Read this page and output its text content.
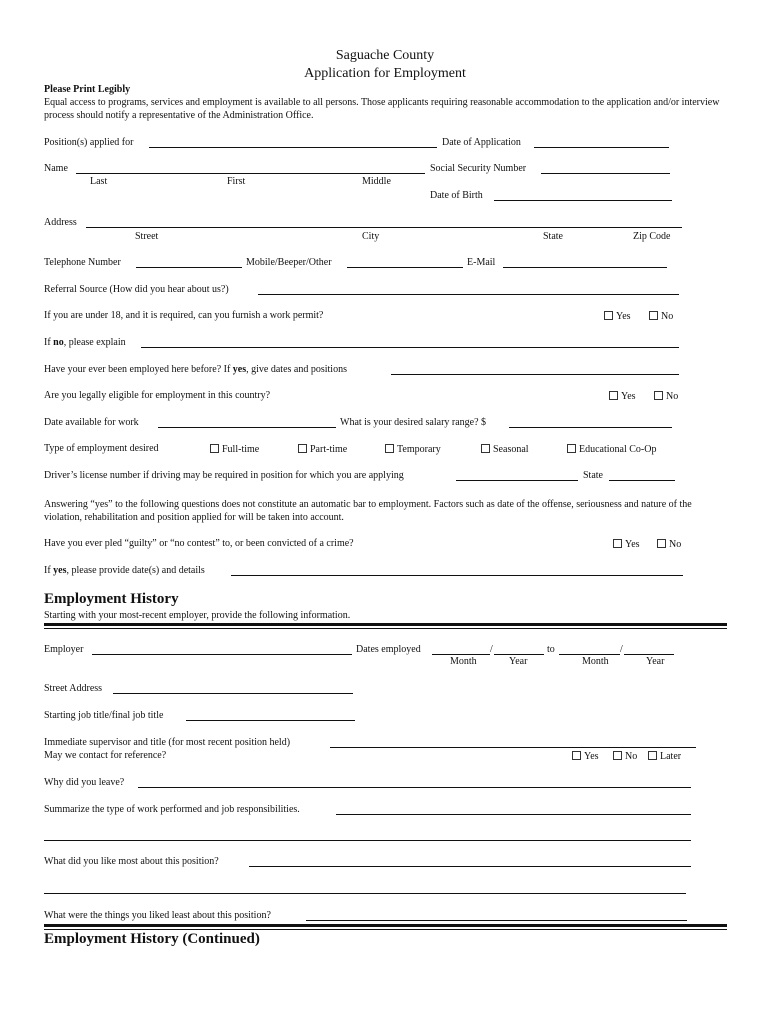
Saguache County
Application for Employment
Please Print Legibly
Equal access to programs, services and employment is available to all persons. Those applicants requiring reasonable accommodation to the application and/or interview process should notify a representative of the Administration Office.
Position(s) applied for	Date of Application
Name	Social Security Number
Last	First	Middle
Date of Birth
Address
Street	City	State	Zip Code
Telephone Number	Mobile/Beeper/Other	E-Mail
Referral Source (How did you hear about us?)
If you are under 18, and it is required, can you furnish a work permit?	Yes	No
If no, please explain
Have your ever been employed here before? If yes, give dates and positions
Are you legally eligible for employment in this country?	Yes	No
Date available for work	What is your desired salary range? $
Type of employment desired	Full-time	Part-time	Temporary	Seasonal	Educational Co-Op
Driver’s license number if driving may be required in position for which you are applying	State
Answering “yes” to the following questions does not constitute an automatic bar to employment. Factors such as date of the offense, seriousness and nature of the violation, rehabilitation and position applied for will be taken into account.
Have you ever pled “guilty” or “no contest” to, or been convicted of a crime?	Yes	No
If yes, please provide date(s) and details
Employment History
Starting with your most-recent employer, provide the following information.
Employer	Dates employed	/	to	/
Month	Year	Month	Year
Street Address
Starting job title/final job title
Immediate supervisor and title (for most recent position held)
May we contact for reference?	Yes	No	Later
Why did you leave?
Summarize the type of work performed and job responsibilities.
What did you like most about this position?
What were the things you liked least about this position?
Employment History (Continued)
